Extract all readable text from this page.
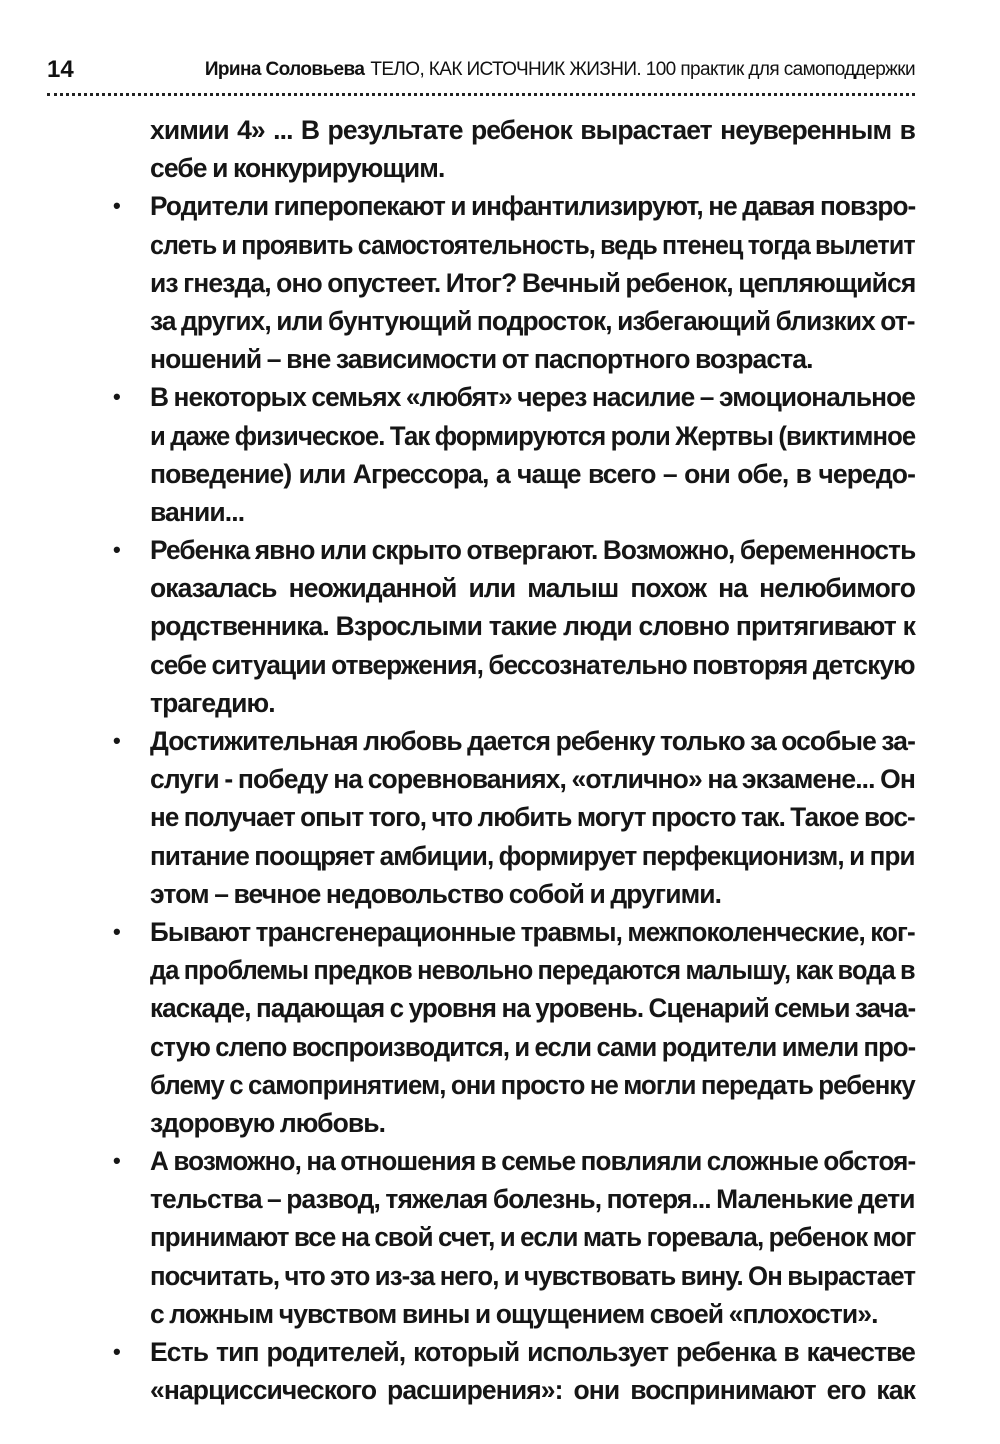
14	Ирина Соловьева ТЕЛО, КАК ИСТОЧНИК ЖИЗНИ. 100 практик для самоподдержки
химии 4» ... В результате ребенок вырастает неуверенным в
себе и конкурирующим.
• Родители гиперопекают и инфантилизируют, не давая повзро-
слеть и проявить самостоятельность, ведь птенец тогда вылетит
из гнезда, оно опустеет. Итог? Вечный ребенок, цепляющийся
за других, или бунтующий подросток, избегающий близких от-
ношений – вне зависимости от паспортного возраста.
• В некоторых семьях «любят» через насилие – эмоциональное
и даже физическое. Так формируются роли Жертвы (виктимное
поведение) или Агрессора, а чаще всего – они обе, в чередо-
вании...
• Ребенка явно или скрыто отвергают. Возможно, беременность
оказалась неожиданной или малыш похож на нелюбимого
родственника. Взрослыми такие люди словно притягивают к
себе ситуации отвержения, бессознательно повторяя детскую
трагедию.
• Достижительная любовь дается ребенку только за особые за-
слуги - победу на соревнованиях, «отлично» на экзамене... Он
не получает опыт того, что любить могут просто так. Такое вос-
питание поощряет амбиции, формирует перфекционизм, и при
этом – вечное недовольство собой и другими.
• Бывают трансгенерационные травмы, межпоколенческие, ког-
да проблемы предков невольно передаются малышу, как вода в
каскаде, падающая с уровня на уровень. Сценарий семьи зача-
стую слепо воспроизводится, и если сами родители имели про-
блему с самопринятием, они просто не могли передать ребенку
здоровую любовь.
• А возможно, на отношения в семье повлияли сложные обстоя-
тельства – развод, тяжелая болезнь, потеря... Маленькие дети
принимают все на свой счет, и если мать горевала, ребенок мог
посчитать, что это из-за него, и чувствовать вину. Он вырастает
с ложным чувством вины и ощущением своей «плохости».
• Есть тип родителей, который использует ребенка в качестве
«нарциссического расширения»: они воспринимают его как
